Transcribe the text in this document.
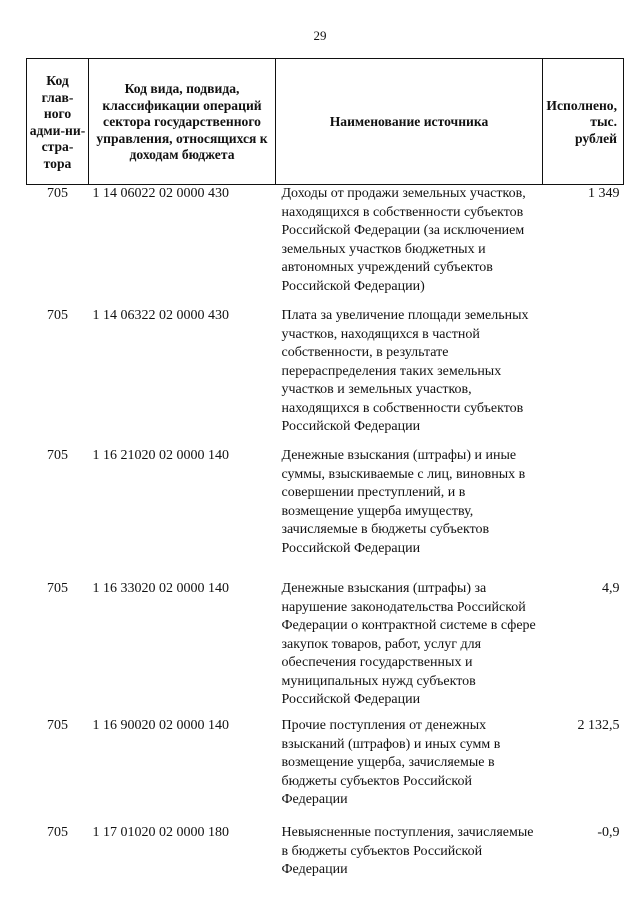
29
Код глав-ного адми-ни-стра-тора	Код вида, подвида, классификации операций сектора государственного управления, относящихся к доходам бюджета	Наименование источника	Исполнено, тыс. рублей
705	1 14 06022 02 0000 430	Доходы от продажи земельных участков, находящихся в собственности субъектов Российской Федерации (за исключением земельных участков бюджетных и автономных учреждений субъектов Российской Федерации)	1 349
705	1 14 06322 02 0000 430	Плата за увеличение площади земельных участков, находящихся в частной собственности, в результате перераспределения таких земельных участков и земельных участков, находящихся в собственности субъектов Российской Федерации	
705	1 16 21020 02 0000 140	Денежные взыскания (штрафы) и иные суммы, взыскиваемые с лиц, виновных в совершении преступлений, и в возмещение ущерба имуществу, зачисляемые в бюджеты субъектов Российской Федерации	
705	1 16 33020 02 0000 140	Денежные взыскания (штрафы) за нарушение законодательства Российской Федерации о контрактной системе в сфере закупок товаров, работ, услуг для обеспечения государственных и муниципальных нужд субъектов Российской Федерации	4,9
705	1 16 90020 02 0000 140	Прочие поступления от денежных взысканий (штрафов) и иных сумм в возмещение ущерба, зачисляемые в бюджеты субъектов Российской Федерации	2 132,5
705	1 17 01020 02 0000 180	Невыясненные поступления, зачисляемые в бюджеты субъектов Российской Федерации	-0,9
